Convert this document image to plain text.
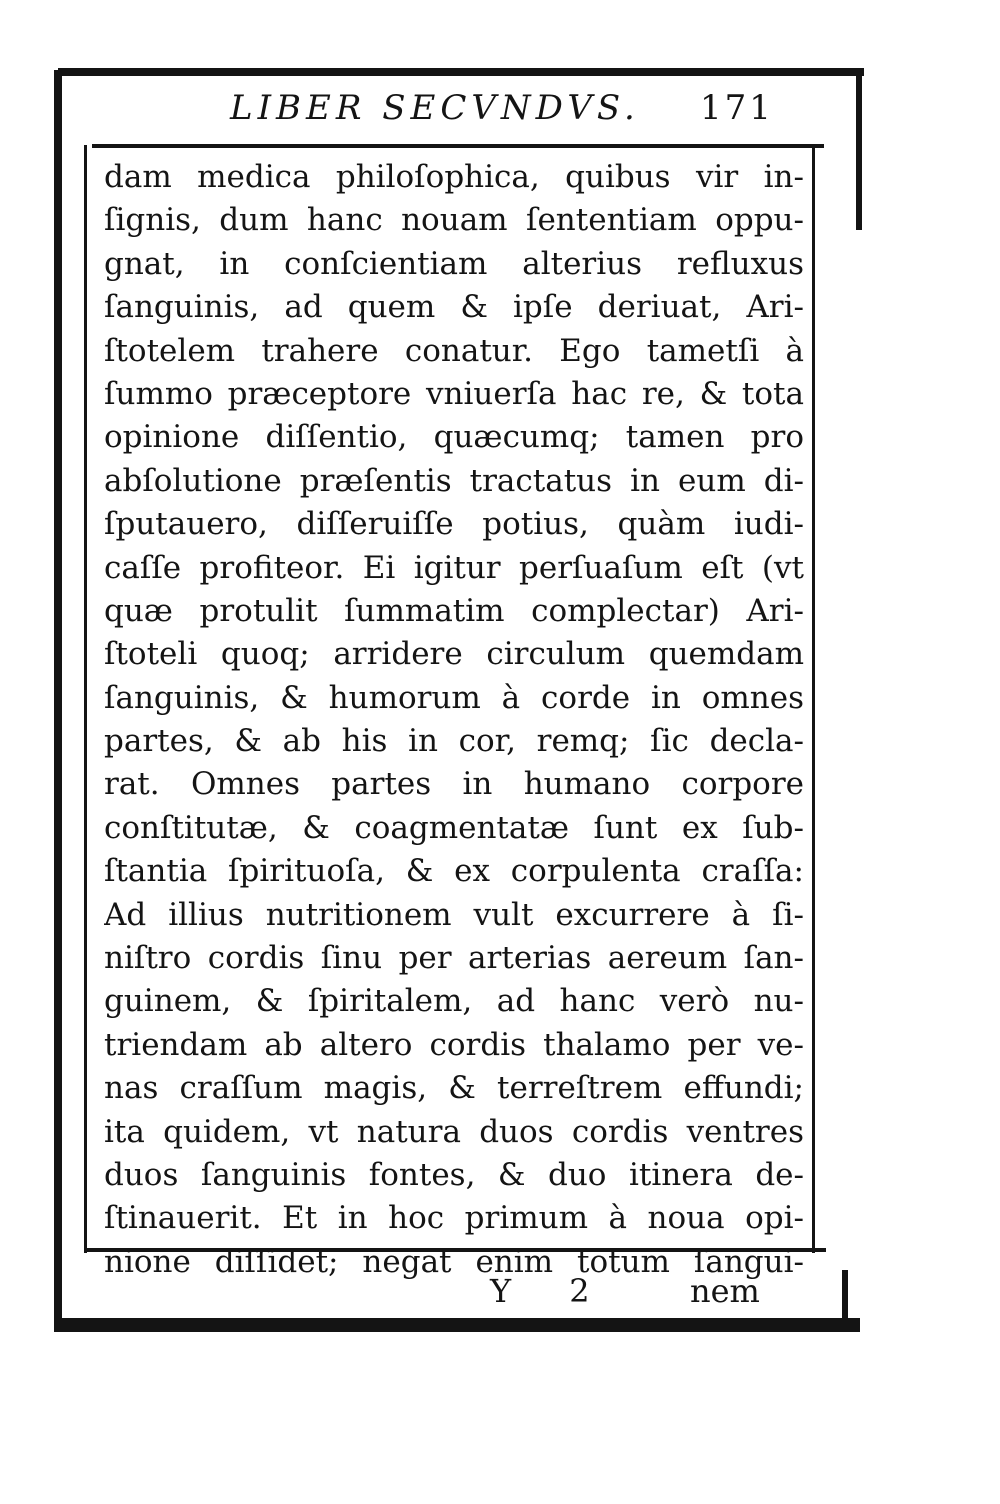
LIBER SECVNDVS. 171
dam medica philoſophica, quibus vir in-
ſignis, dum hanc nouam ſententiam oppu-
gnat, in conſcientiam alterius refluxus
ſanguinis, ad quem & ipſe deriuat, Ari-
ſtotelem trahere conatur. Ego tametſi à
ſummo præceptore vniuerſa hac re, & tota
opinione diſſentio, quæcumq; tamen pro
abſolutione præſentis tractatus in eum di-
ſputauero, diſſeruiſſe potius, quàm iudi-
caſſe profiteor. Ei igitur perſuaſum eſt (vt
quæ protulit ſummatim complectar) Ari-
ſtoteli quoq; arridere circulum quemdam
ſanguinis, & humorum à corde in omnes
partes, & ab his in cor, remq; ſic decla-
rat. Omnes partes in humano corpore
conſtitutæ, & coagmentatæ ſunt ex ſub-
ſtantia ſpirituoſa, & ex corpulenta craſſa:
Ad illius nutritionem vult excurrere à ſi-
niſtro cordis ſinu per arterias aereum ſan-
guinem, & ſpiritalem, ad hanc verò nu-
triendam ab altero cordis thalamo per ve-
nas craſſum magis, & terreſtrem effundi;
ita quidem, vt natura duos cordis ventres
duos ſanguinis fontes, & duo itinera de-
ſtinauerit. Et in hoc primum à noua opi-
nione diſſidet; negat enim totum ſangui-
Y 2 nem
